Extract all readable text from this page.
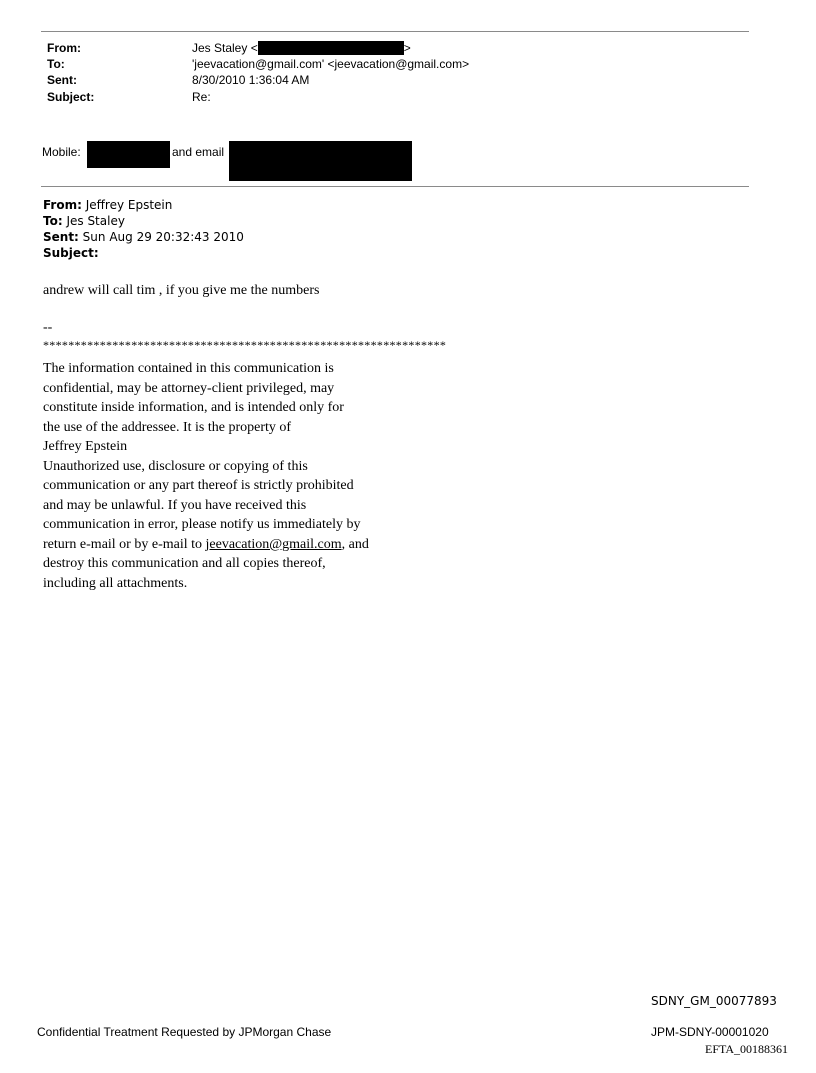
From:	Jes Staley <	>
To:	'jeevacation@gmail.com' <jeevacation@gmail.com>
Sent:	8/30/2010 1:36:04 AM
Subject:	Re:
Mobile:	and email
From: Jeffrey Epstein
To: Jes Staley
Sent: Sun Aug 29 20:32:43 2010
Subject:
andrew will call tim , if you give me the numbers
--
****************************************************************
The information contained in this communication is
confidential, may be attorney-client privileged, may
constitute inside information, and is intended only for
the use of the addressee. It is the property of
Jeffrey Epstein
Unauthorized use, disclosure or copying of this
communication or any part thereof is strictly prohibited
and may be unlawful. If you have received this
communication in error, please notify us immediately by
return e-mail or by e-mail to jeevacation@gmail.com, and
destroy this communication and all copies thereof,
including all attachments.
SDNY_GM_00077893
Confidential Treatment Requested by JPMorgan Chase	JPM-SDNY-00001020
EFTA_00188361
